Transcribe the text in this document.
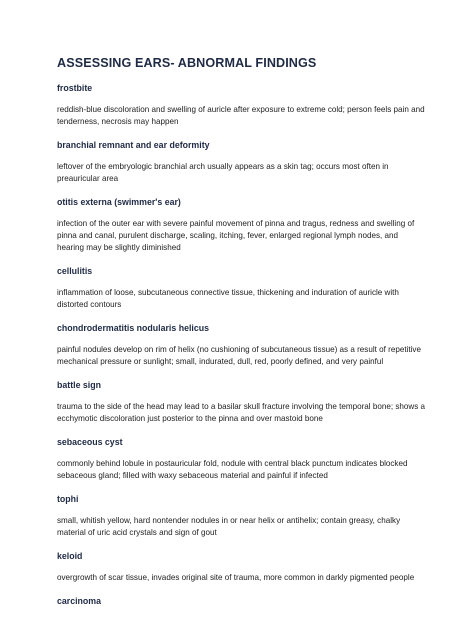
ASSESSING EARS- ABNORMAL FINDINGS
frostbite

reddish-blue discoloration and swelling of auricle after exposure to extreme cold; person feels pain and tenderness, necrosis may happen

branchial remnant and ear deformity

leftover of the embryologic branchial arch usually appears as a skin tag; occurs most often in preauricular area

otitis externa (swimmer's ear)

infection of the outer ear with severe painful movement of pinna and tragus, redness and swelling of pinna and canal, purulent discharge, scaling, itching, fever, enlarged regional lymph nodes, and hearing may be slightly diminished

cellulitis

inflammation of loose, subcutaneous connective tissue, thickening and induration of auricle with distorted contours

chondrodermatitis nodularis helicus

painful nodules develop on rim of helix (no cushioning of subcutaneous tissue) as a result of repetitive mechanical pressure or sunlight; small, indurated, dull, red, poorly defined, and very painful

battle sign

trauma to the side of the head may lead to a basilar skull fracture involving the temporal bone; shows a ecchymotic discoloration just posterior to the pinna and over mastoid bone

sebaceous cyst

commonly behind lobule in postauricular fold, nodule with central black punctum indicates blocked sebaceous gland; filled with waxy sebaceous material and painful if infected

tophi

small, whitish yellow, hard nontender nodules in or near helix or antihelix; contain greasy, chalky material of uric acid crystals and sign of gout

keloid

overgrowth of scar tissue, invades original site of trauma, more common in darkly pigmented people

carcinoma
